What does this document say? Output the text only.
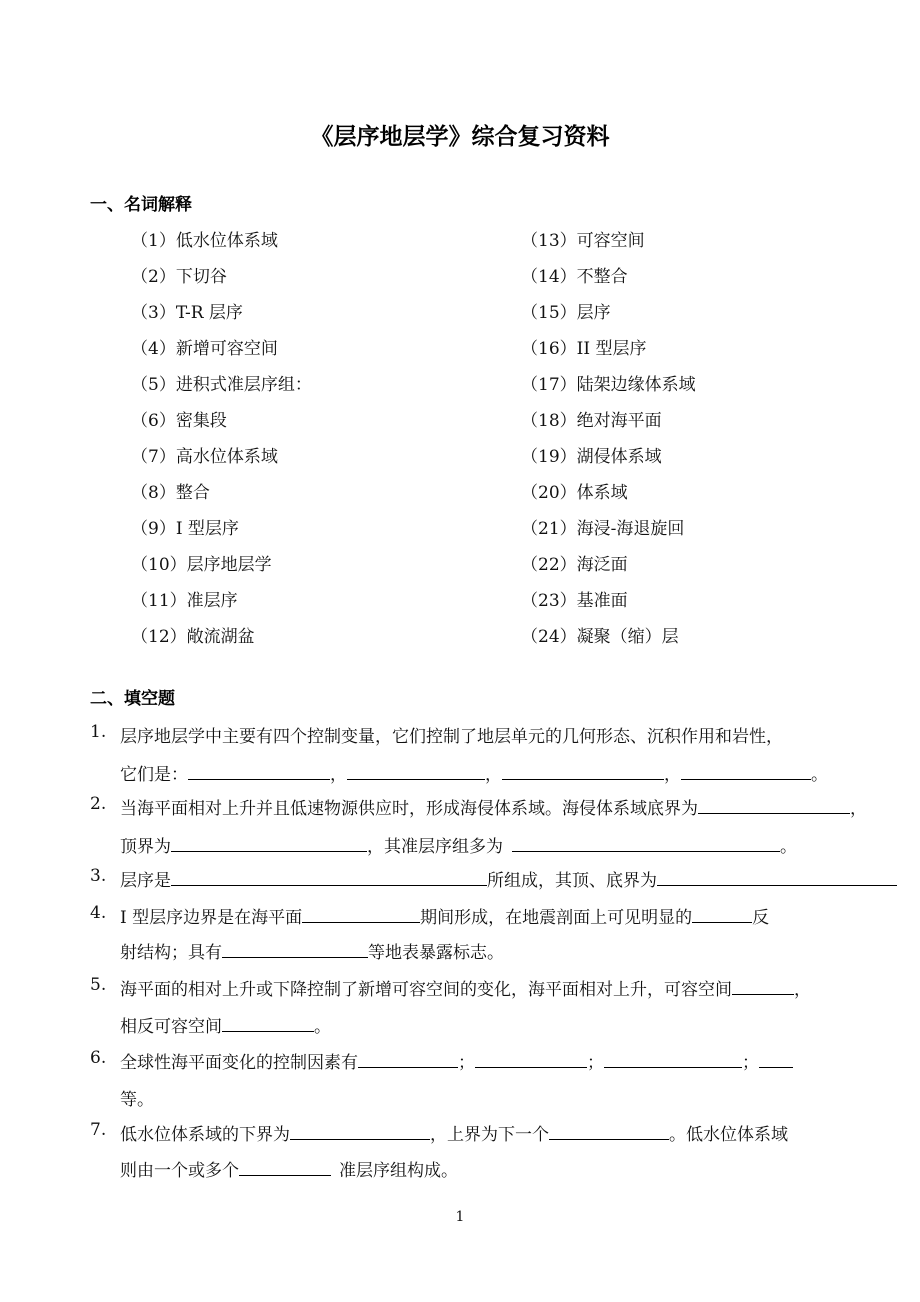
《层序地层学》综合复习资料
一、名词解释
（1）低水位体系域
（2）下切谷
（3）T-R 层序
（4）新增可容空间
（5）进积式准层序组：
（6）密集段
（7）高水位体系域
（8）整合
（9）I 型层序
（10）层序地层学
（11）准层序
（12）敞流湖盆
（13）可容空间
（14）不整合
（15）层序
（16）II 型层序
（17）陆架边缘体系域
（18）绝对海平面
（19）湖侵体系域
（20）体系域
（21）海浸-海退旋回
（22）海泛面
（23）基准面
（24）凝聚（缩）层
二、填空题
1. 层序地层学中主要有四个控制变量，它们控制了地层单元的几何形态、沉积作用和岩性，
它们是：	，	，	，	。
2. 当海平面相对上升并且低速物源供应时，形成海侵体系域。海侵体系域底界为	，
顶界为	，其准层序组多为	。
3. 层序是	所组成，其顶、底界为
4. I 型层序边界是在海平面	期间形成，在地震剖面上可见明显的	反
射结构；具有	等地表暴露标志。
5. 海平面的相对上升或下降控制了新增可容空间的变化，海平面相对上升，可容空间	，
相反可容空间	。
6. 全球性海平面变化的控制因素有	；	；	；
等。
7. 低水位体系域的下界为	，上界为下一个	。低水位体系域
则由一个或多个	准层序组构成。
1
